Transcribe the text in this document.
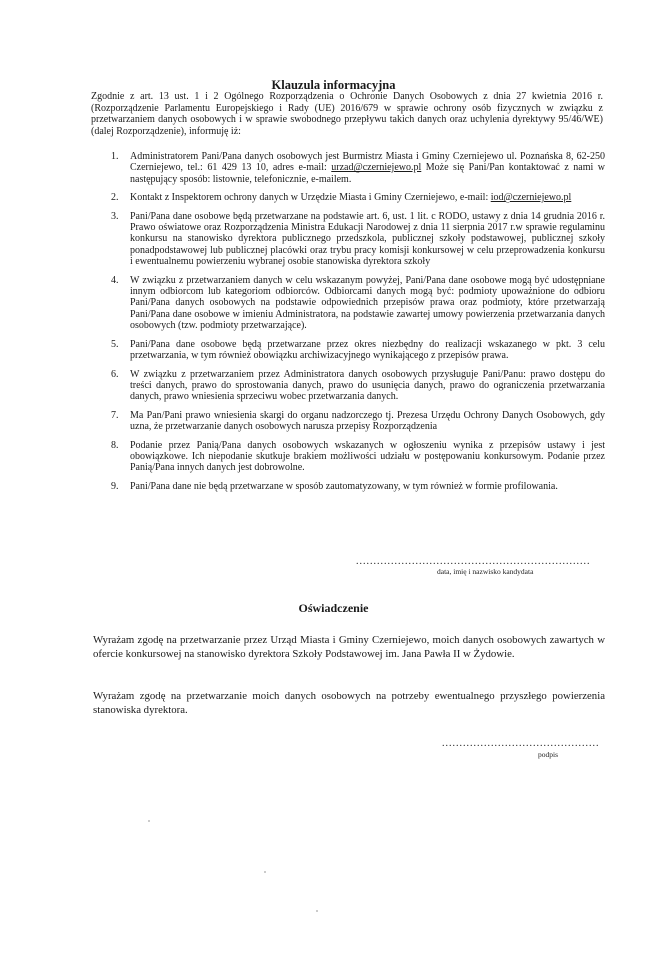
Klauzula informacyjna
Zgodnie z art. 13 ust. 1 i 2 Ogólnego Rozporządzenia o Ochronie Danych Osobowych z dnia 27 kwietnia 2016 r. (Rozporządzenie Parlamentu Europejskiego i Rady (UE) 2016/679 w sprawie ochrony osób fizycznych w związku z przetwarzaniem danych osobowych i w sprawie swobodnego przepływu takich danych oraz uchylenia dyrektywy 95/46/WE) (dalej Rozporządzenie), informuję iż:
1. Administratorem Pani/Pana danych osobowych jest Burmistrz Miasta i Gminy Czerniejewo ul. Poznańska 8, 62-250 Czerniejewo, tel.: 61 429 13 10, adres e-mail: urzad@czerniejewo.pl Może się Pani/Pan kontaktować z nami w następujący sposób: listownie, telefonicznie, e-mailem.
2. Kontakt z Inspektorem ochrony danych w Urzędzie Miasta i Gminy Czerniejewo, e-mail: iod@czerniejewo.pl
3. Pani/Pana dane osobowe będą przetwarzane na podstawie art. 6, ust. 1 lit. c RODO, ustawy z dnia 14 grudnia 2016 r. Prawo oświatowe oraz Rozporządzenia Ministra Edukacji Narodowej z dnia 11 sierpnia 2017 r.w sprawie regulaminu konkursu na stanowisko dyrektora publicznego przedszkola, publicznej szkoły podstawowej, publicznej szkoły ponadpodstawowej lub publicznej placówki oraz trybu pracy komisji konkursowej w celu przeprowadzenia konkursu i ewentualnemu powierzeniu wybranej osobie stanowiska dyrektora szkoły
4. W związku z przetwarzaniem danych w celu wskazanym powyżej, Pani/Pana dane osobowe mogą być udostępniane innym odbiorcom lub kategoriom odbiorców. Odbiorcami danych mogą być: podmioty upoważnione do odbioru Pani/Pana danych osobowych na podstawie odpowiednich przepisów prawa oraz podmioty, które przetwarzają Pani/Pana dane osobowe w imieniu Administratora, na podstawie zawartej umowy powierzenia przetwarzania danych osobowych (tzw. podmioty przetwarzające).
5. Pani/Pana dane osobowe będą przetwarzane przez okres niezbędny do realizacji wskazanego w pkt. 3 celu przetwarzania, w tym również obowiązku archiwizacyjnego wynikającego z przepisów prawa.
6. W związku z przetwarzaniem przez Administratora danych osobowych przysługuje Pani/Panu: prawo dostępu do treści danych, prawo do sprostowania danych, prawo do usunięcia danych, prawo do ograniczenia przetwarzania danych, prawo wniesienia sprzeciwu wobec przetwarzania danych.
7. Ma Pan/Pani prawo wniesienia skargi do organu nadzorczego tj. Prezesa Urzędu Ochrony Danych Osobowych, gdy uzna, że przetwarzanie danych osobowych narusza przepisy Rozporządzenia
8. Podanie przez Panią/Pana danych osobowych wskazanych w ogłoszeniu wynika z przepisów ustawy i jest obowiązkowe. Ich niepodanie skutkuje brakiem możliwości udziału w postępowaniu konkursowym. Podanie przez Panią/Pana innych danych jest dobrowolne.
9. Pani/Pana dane nie będą przetwarzane w sposób zautomatyzowany, w tym również w formie profilowania.
...................................................................
data, imię i nazwisko kandydata
Oświadczenie
Wyrażam zgodę na przetwarzanie przez Urząd Miasta i Gminy Czerniejewo, moich danych osobowych zawartych w ofercie konkursowej na stanowisko dyrektora Szkoły Podstawowej im. Jana Pawła II w Żydowie.
Wyrażam zgodę na przetwarzanie moich danych osobowych na potrzeby ewentualnego przyszłego powierzenia stanowiska dyrektora.
.............................................
podpis
